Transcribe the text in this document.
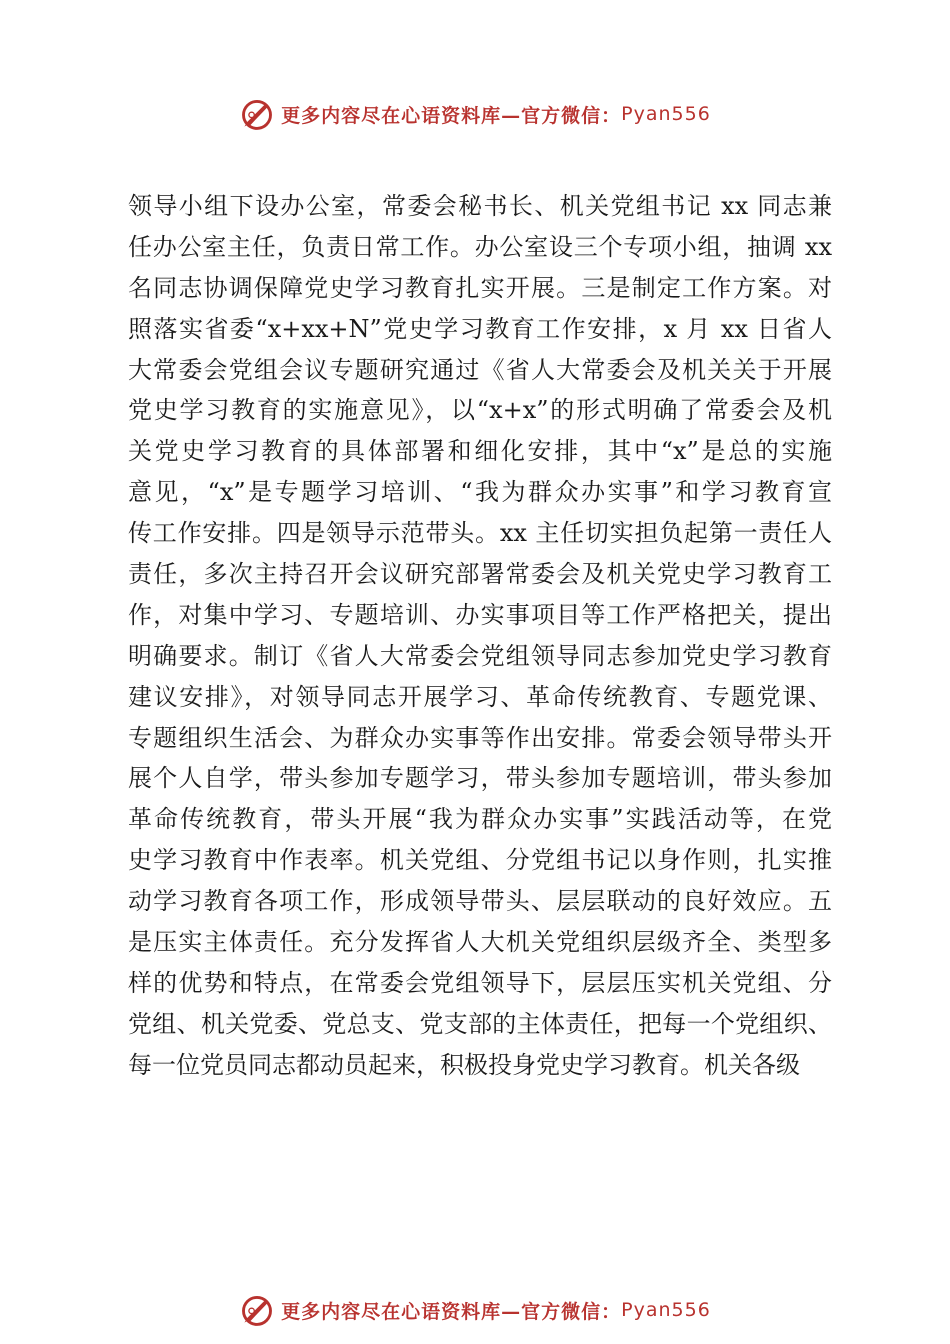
更多内容尽在心语资料库—官方微信： Pyan556
领导小组下设办公室，常委会秘书长、机关党组书记 xx 同志兼
任办公室主任，负责日常工作。办公室设三个专项小组，抽调 xx
名同志协调保障党史学习教育扎实开展。三是制定工作方案。对
照落实省委“x+xx+N”党史学习教育工作安排，x 月 xx 日省人
大常委会党组会议专题研究通过《省人大常委会及机关关于开展
党史学习教育的实施意见》，以“x+x”的形式明确了常委会及机
关党史学习教育的具体部署和细化安排，其中“x”是总的实施
意见，“x”是专题学习培训、“我为群众办实事”和学习教育宣
传工作安排。四是领导示范带头。xx 主任切实担负起第一责任人
责任，多次主持召开会议研究部署常委会及机关党史学习教育工
作，对集中学习、专题培训、办实事项目等工作严格把关，提出
明确要求。制订《省人大常委会党组领导同志参加党史学习教育
建议安排》，对领导同志开展学习、革命传统教育、专题党课、
专题组织生活会、为群众办实事等作出安排。常委会领导带头开
展个人自学，带头参加专题学习，带头参加专题培训，带头参加
革命传统教育，带头开展“我为群众办实事”实践活动等，在党
史学习教育中作表率。机关党组、分党组书记以身作则，扎实推
动学习教育各项工作，形成领导带头、层层联动的良好效应。五
是压实主体责任。充分发挥省人大机关党组织层级齐全、类型多
样的优势和特点，在常委会党组领导下，层层压实机关党组、分
党组、机关党委、党总支、党支部的主体责任，把每一个党组织、
每一位党员同志都动员起来，积极投身党史学习教育。机关各级
更多内容尽在心语资料库—官方微信： Pyan556
